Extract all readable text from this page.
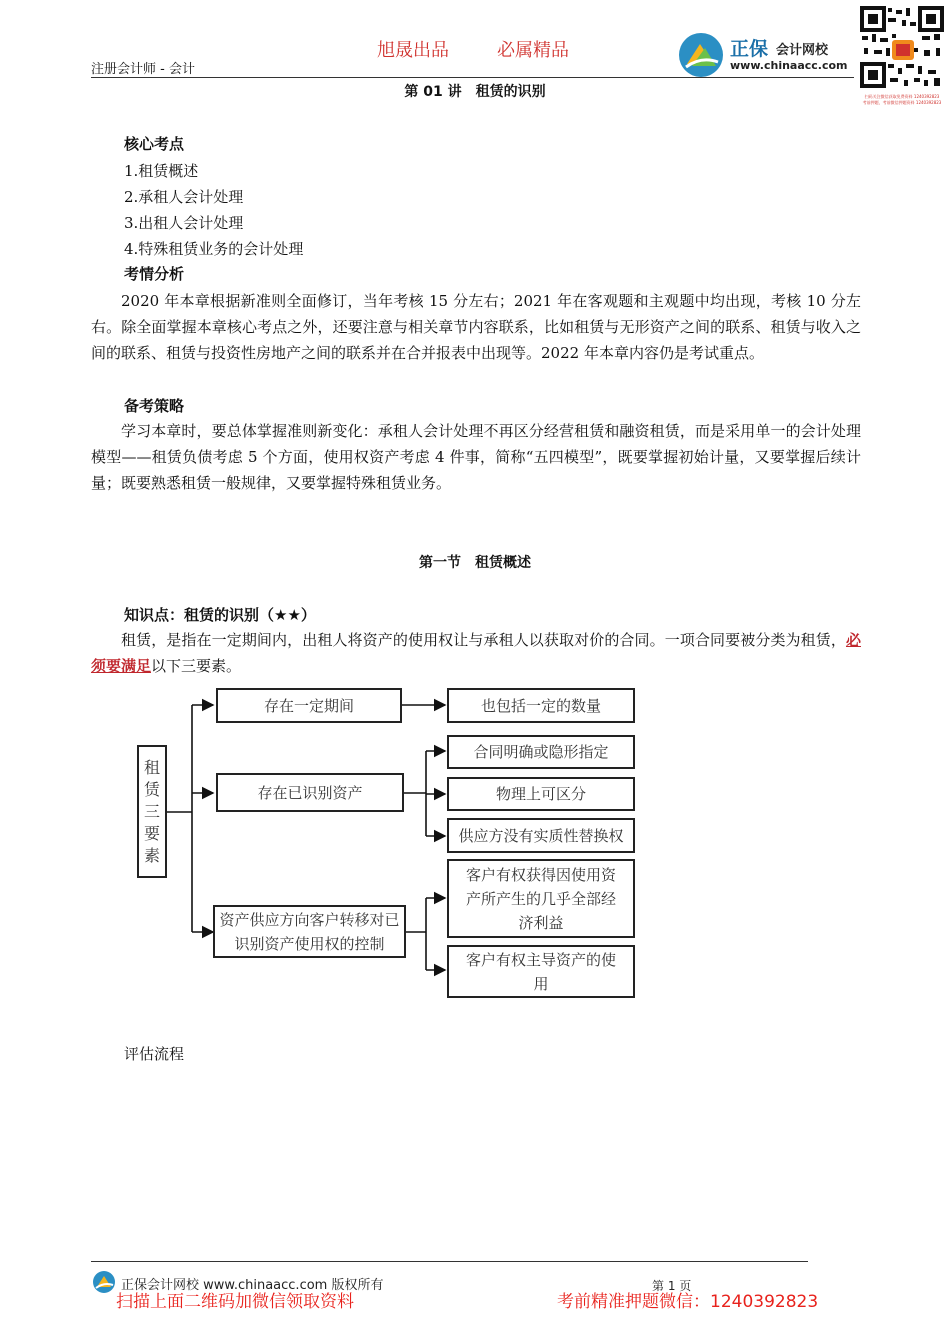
旭晟出品	必属精品
注册会计师 - 会计
正保 会计网校
www.chinaacc.com
扫码关注微信获取免费资料 1240392823
考前押题，考前微信押题资料 1240392823
第 01 讲　租赁的识别
核心考点
1.租赁概述
2.承租人会计处理
3.出租人会计处理
4.特殊租赁业务的会计处理
考情分析

2020 年本章根据新准则全面修订，当年考核 15 分左右；2021 年在客观题和主观题中均出现，考核 10 分左右。除全面掌握本章核心考点之外，还要注意与相关章节内容联系，比如租赁与无形资产之间的联系、租赁与收入之间的联系、租赁与投资性房地产之间的联系并在合并报表中出现等。2022 年本章内容仍是考试重点。

备考策略

学习本章时，要总体掌握准则新变化：承租人会计处理不再区分经营租赁和融资租赁，而是采用单一的会计处理模型——租赁负债考虑 5 个方面，使用权资产考虑 4 件事，简称“五四模型”，既要掌握初始计量，又要掌握后续计量；既要熟悉租赁一般规律，又要掌握特殊租赁业务。

第一节　租赁概述
知识点：租赁的识别（★★）

租赁，是指在一定期间内，出租人将资产的使用权让与承租人以获取对价的合同。一项合同要被分类为租赁，必须要满足以下三要素。

租赁三要素
存在一定期间
存在已识别资产
资产供应方向客户转移对已识别资产使用权的控制
也包括一定的数量
合同明确或隐形指定
物理上可区分
供应方没有实质性替换权
客户有权获得因使用资产所产生的几乎全部经济利益
客户有权主导资产的使用
评估流程
正保会计网校 www.chinaacc.com 版权所有	第 1 页
扫描上面二维码加微信领取资料	考前精准押题微信：1240392823
